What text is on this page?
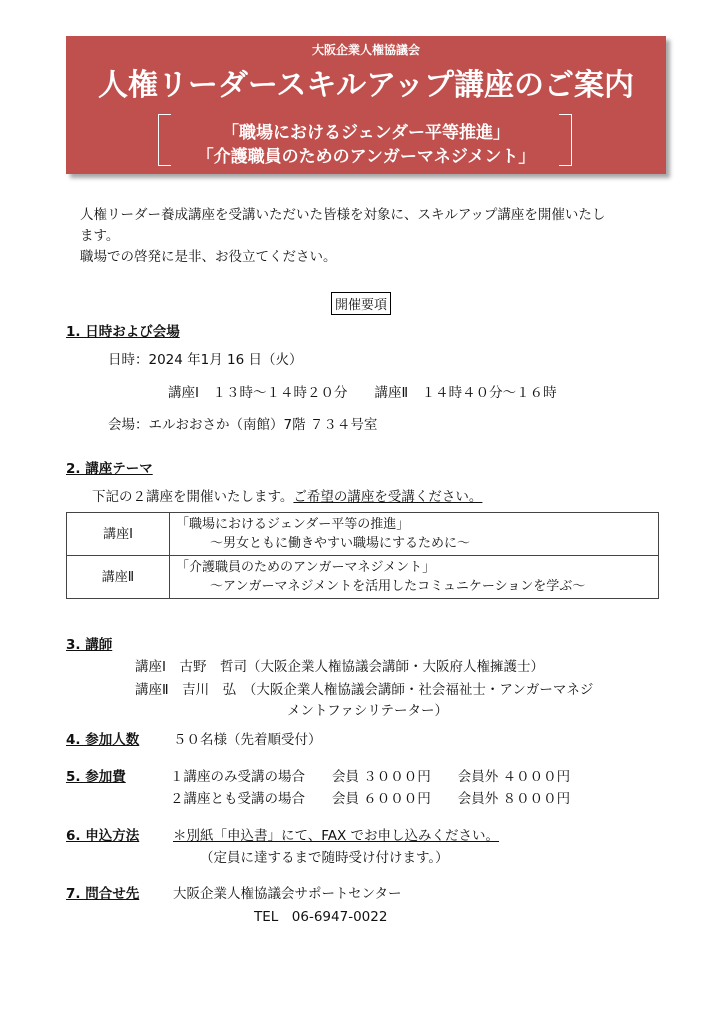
大阪企業人権協議会
人権リーダースキルアップ講座のご案内
「職場におけるジェンダー平等推進」
「介護職員のためのアンガーマネジメント」

人権リーダー養成講座を受講いただいた皆様を対象に、スキルアップ講座を開催いたし

ます。

職場での啓発に是非、お役立てください。

開催要項
1. 日時および会場
日時：2024 年1月 16 日（火）
講座Ⅰ　１３時～１４時２０分　　講座Ⅱ　１４時４０分～１６時
会場：エルおおさか（南館）7階 ７３４号室
2. 講座テーマ
下記の２講座を開催いたします。ご希望の講座を受講ください。
講座Ⅰ	「職場におけるジェンダー平等の推進」
～男女ともに働きやすい職場にするために～

講座Ⅱ	「介護職員のためのアンガーマネジメント」
～アンガーマネジメントを活用したコミュニケーションを学ぶ～
3. 講師
講座Ⅰ　古野　哲司（大阪企業人権協議会講師・大阪府人権擁護士）
講座Ⅱ　吉川　弘　（大阪企業人権協議会講師・社会福祉士・アンガーマネジ
メントファシリテーター）
4. 参加人数	５０名様（先着順受付）
5. 参加費	１講座のみ受講の場合　　会員 ３０００円　　会員外 ４０００円
２講座とも受講の場合　　会員 ６０００円　　会員外 ８０００円
6. 申込方法	＊別紙「申込書」にて、FAX でお申し込みください。
（定員に達するまで随時受け付けます。）
7. 問合せ先	大阪企業人権協議会サポートセンター
TEL　06-6947-0022
